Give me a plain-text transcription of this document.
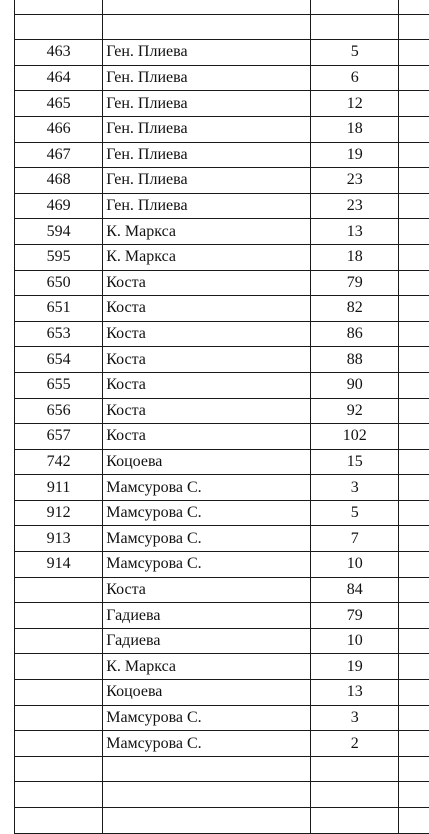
463	Ген. Плиева	5	
464	Ген. Плиева	6	
465	Ген. Плиева	12	
466	Ген. Плиева	18	
467	Ген. Плиева	19	
468	Ген. Плиева	23	
469	Ген. Плиева	23	
594	К. Маркса	13	
595	К. Маркса	18	
650	Коста	79	
651	Коста	82	
653	Коста	86	
654	Коста	88	
655	Коста	90	
656	Коста	92	
657	Коста	102	
742	Коцоева	15	
911	Мамсурова С.	3	
912	Мамсурова С.	5	
913	Мамсурова С.	7	
914	Мамсурова С.	10	
	Коста	84	
	Гадиева	79	
	Гадиева	10	
	К. Маркса	19	
	Коцоева	13	
	Мамсурова С.	3	
	Мамсурова С.	2	
